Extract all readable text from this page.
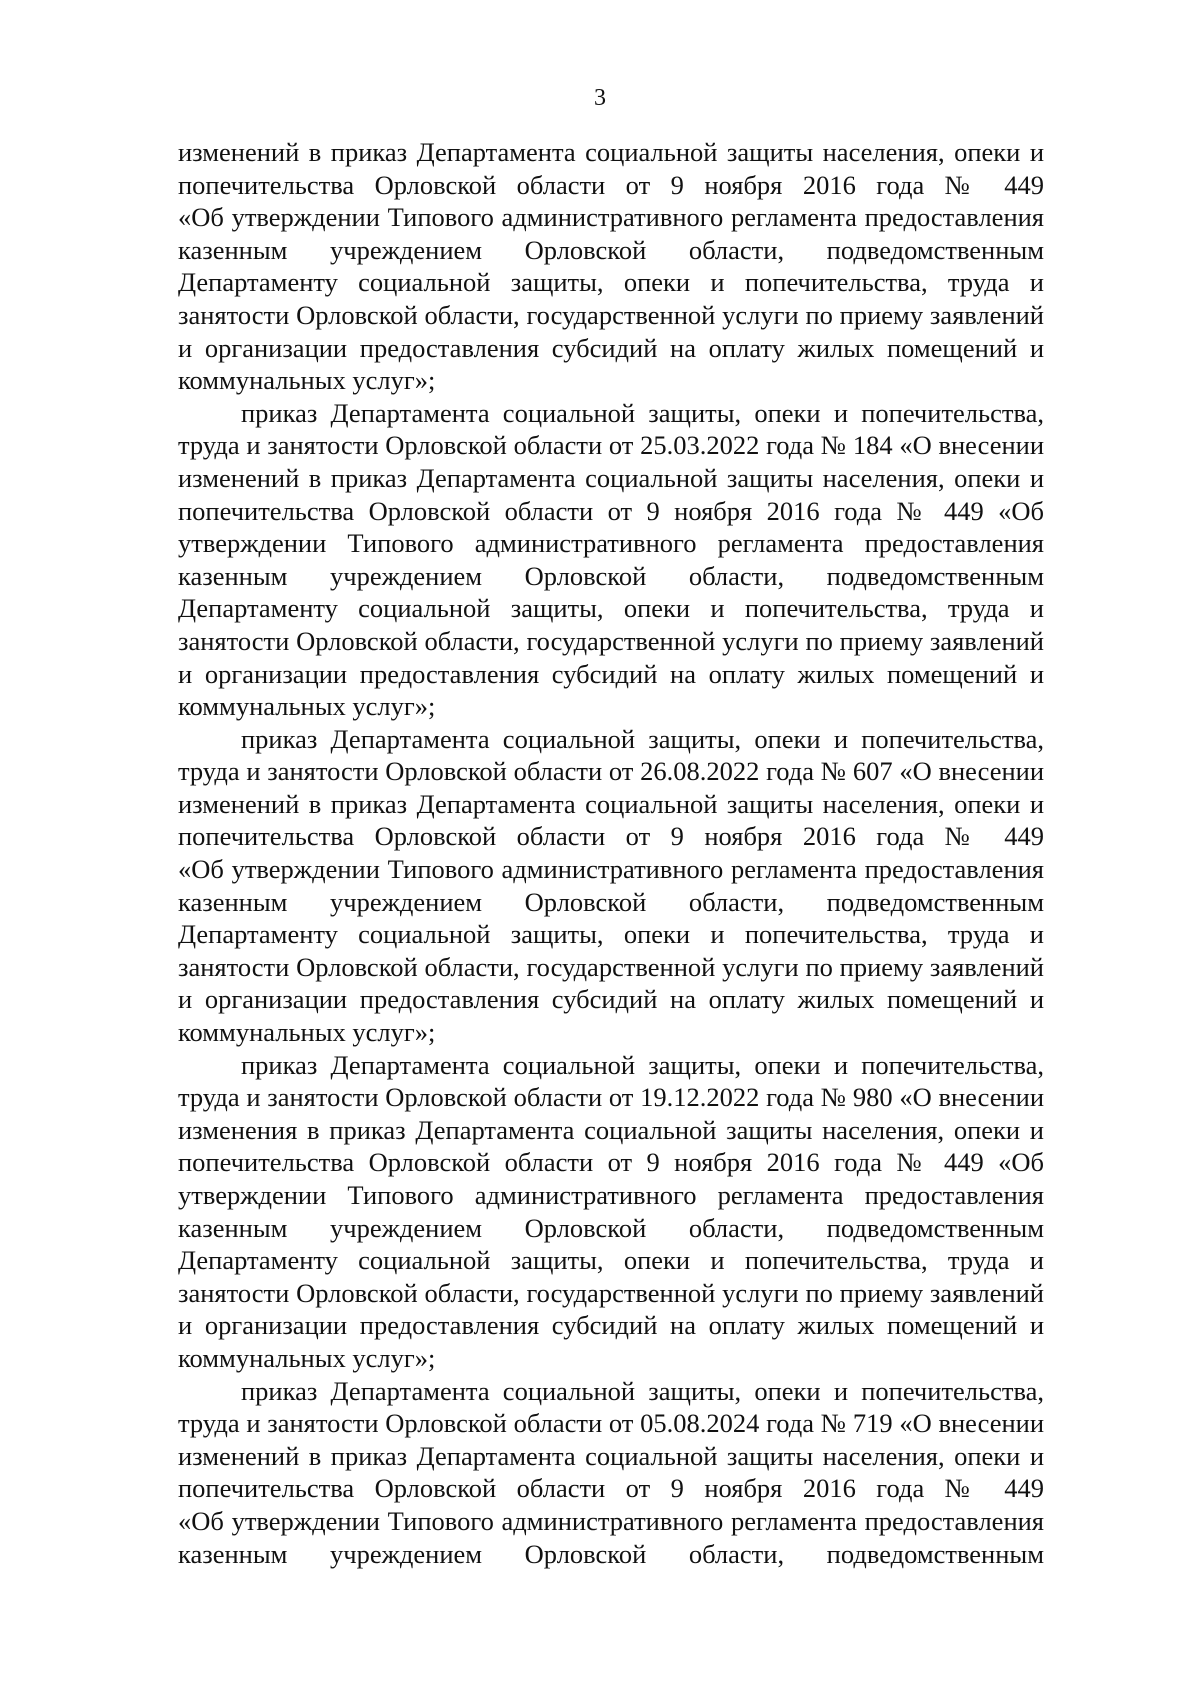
3
изменений в приказ Департамента социальной защиты населения, опеки и
попечительства Орловской области от 9 ноября 2016 года № 449
«Об утверждении Типового административного регламента предоставления
казенным учреждением Орловской области, подведомственным
Департаменту социальной защиты, опеки и попечительства, труда и
занятости Орловской области, государственной услуги по приему заявлений
и организации предоставления субсидий на оплату жилых помещений и
коммунальных услуг»;
приказ Департамента социальной защиты, опеки и попечительства,
труда и занятости Орловской области от 25.03.2022 года № 184 «О внесении
изменений в приказ Департамента социальной защиты населения, опеки и
попечительства Орловской области от 9 ноября 2016 года № 449 «Об
утверждении Типового административного регламента предоставления
казенным учреждением Орловской области, подведомственным
Департаменту социальной защиты, опеки и попечительства, труда и
занятости Орловской области, государственной услуги по приему заявлений
и организации предоставления субсидий на оплату жилых помещений и
коммунальных услуг»;
приказ Департамента социальной защиты, опеки и попечительства,
труда и занятости Орловской области от 26.08.2022 года № 607 «О внесении
изменений в приказ Департамента социальной защиты населения, опеки и
попечительства Орловской области от 9 ноября 2016 года № 449
«Об утверждении Типового административного регламента предоставления
казенным учреждением Орловской области, подведомственным
Департаменту социальной защиты, опеки и попечительства, труда и
занятости Орловской области, государственной услуги по приему заявлений
и организации предоставления субсидий на оплату жилых помещений и
коммунальных услуг»;
приказ Департамента социальной защиты, опеки и попечительства,
труда и занятости Орловской области от 19.12.2022 года № 980 «О внесении
изменения в приказ Департамента социальной защиты населения, опеки и
попечительства Орловской области от 9 ноября 2016 года № 449 «Об
утверждении Типового административного регламента предоставления
казенным учреждением Орловской области, подведомственным
Департаменту социальной защиты, опеки и попечительства, труда и
занятости Орловской области, государственной услуги по приему заявлений
и организации предоставления субсидий на оплату жилых помещений и
коммунальных услуг»;
приказ Департамента социальной защиты, опеки и попечительства,
труда и занятости Орловской области от 05.08.2024 года № 719 «О внесении
изменений в приказ Департамента социальной защиты населения, опеки и
попечительства Орловской области от 9 ноября 2016 года № 449
«Об утверждении Типового административного регламента предоставления
казенным учреждением Орловской области, подведомственным
